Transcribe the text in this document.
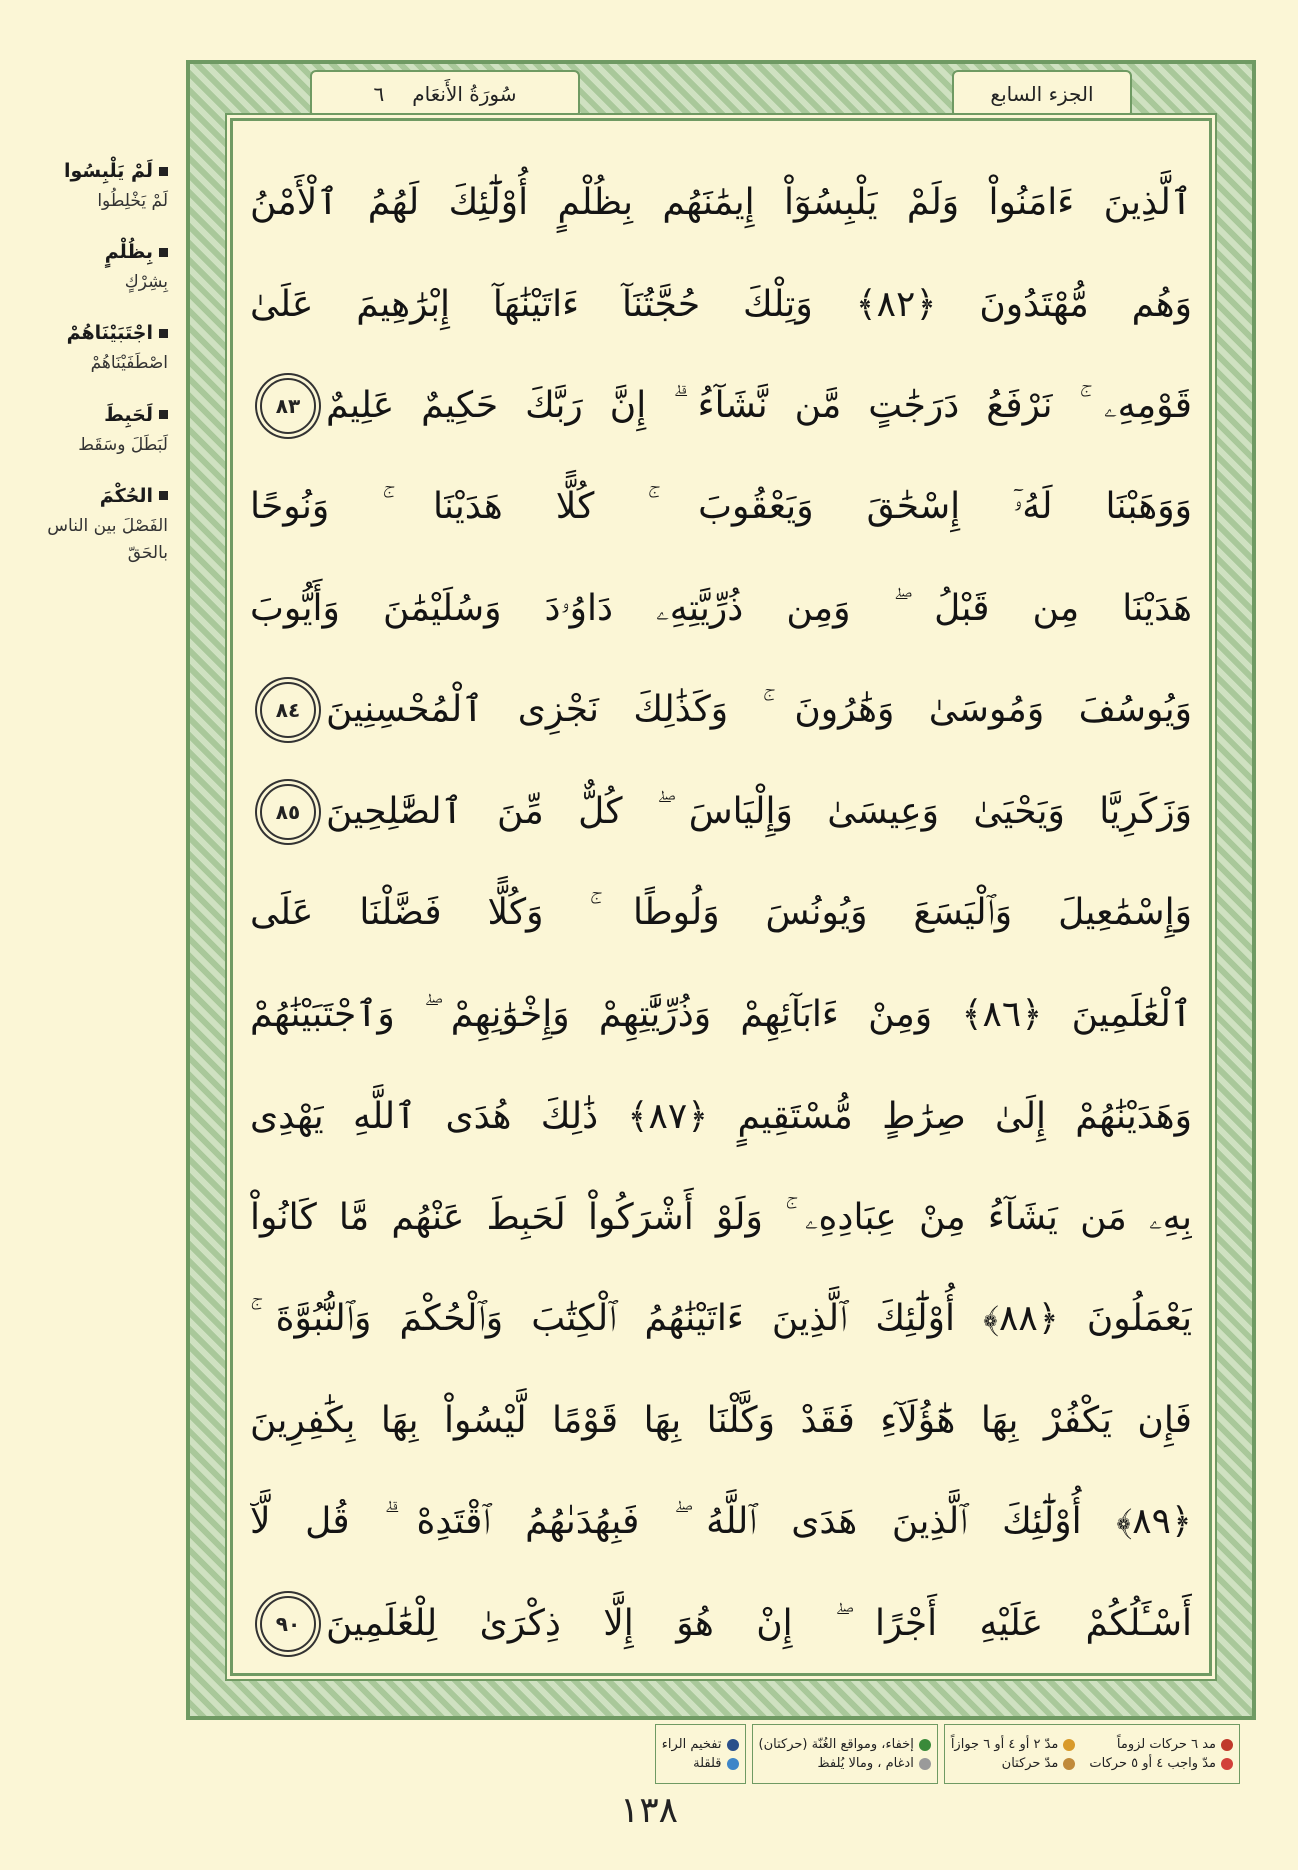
لَمْ يَلْبِسُوا
لَمْ يَخْلِطُوا
بِظُلْمٍ
بِشِرْكٍ
اجْتَبَيْنَاهُمْ
اصْطَفَيْنَاهُمْ
لَحَبِطَ
لَبَطَلَ وسَقَط
الحُكْمَ
الفَصْلَ بين الناس بالحَقّ
سُورَةُ الأَنعَام
٦	الجزء السابع
ٱلَّذِينَ ءَامَنُواْ وَلَمْ يَلْبِسُوٓاْ إِيمَٰنَهُم بِظُلْمٍ أُوْلَٰٓئِكَ لَهُمُ ٱلْأَمْنُ
وَهُم مُّهْتَدُونَ ﴿٨٢﴾ وَتِلْكَ حُجَّتُنَآ ءَاتَيْنَٰهَآ إِبْرَٰهِيمَ عَلَىٰ
قَوْمِهِۦ ۚ نَرْفَعُ دَرَجَٰتٍ مَّن نَّشَآءُ ۗ إِنَّ رَبَّكَ حَكِيمٌ عَلِيمٌ
٨٣
وَوَهَبْنَا لَهُۥٓ إِسْحَٰقَ وَيَعْقُوبَ ۚ كُلًّا هَدَيْنَا ۚ وَنُوحًا
هَدَيْنَا مِن قَبْلُ ۖ وَمِن ذُرِّيَّتِهِۦ دَاوُۥدَ وَسُلَيْمَٰنَ وَأَيُّوبَ
وَيُوسُفَ وَمُوسَىٰ وَهَٰرُونَ ۚ وَكَذَٰلِكَ نَجْزِى ٱلْمُحْسِنِينَ
٨٤
وَزَكَرِيَّا وَيَحْيَىٰ وَعِيسَىٰ وَإِلْيَاسَ ۖ كُلٌّ مِّنَ ٱلصَّٰلِحِينَ
٨٥
وَإِسْمَٰعِيلَ وَٱلْيَسَعَ وَيُونُسَ وَلُوطًا ۚ وَكُلًّا فَضَّلْنَا عَلَى
ٱلْعَٰلَمِينَ ﴿٨٦﴾ وَمِنْ ءَابَآئِهِمْ وَذُرِّيَّٰتِهِمْ وَإِخْوَٰنِهِمْ ۖ وَٱجْتَبَيْنَٰهُمْ
وَهَدَيْنَٰهُمْ إِلَىٰ صِرَٰطٍ مُّسْتَقِيمٍ ﴿٨٧﴾ ذَٰلِكَ هُدَى ٱللَّهِ يَهْدِى
بِهِۦ مَن يَشَآءُ مِنْ عِبَادِهِۦ ۚ وَلَوْ أَشْرَكُواْ لَحَبِطَ عَنْهُم مَّا كَانُواْ
يَعْمَلُونَ ﴿٨٨﴾ أُوْلَٰٓئِكَ ٱلَّذِينَ ءَاتَيْنَٰهُمُ ٱلْكِتَٰبَ وَٱلْحُكْمَ وَٱلنُّبُوَّةَ ۚ
فَإِن يَكْفُرْ بِهَا هَٰٓؤُلَآءِ فَقَدْ وَكَّلْنَا بِهَا قَوْمًا لَّيْسُواْ بِهَا بِكَٰفِرِينَ
﴿٨٩﴾ أُوْلَٰٓئِكَ ٱلَّذِينَ هَدَى ٱللَّهُ ۖ فَبِهُدَىٰهُمُ ٱقْتَدِهْ ۗ قُل لَّآ
أَسْـَٔلُكُمْ عَلَيْهِ أَجْرًا ۖ إِنْ هُوَ إِلَّا ذِكْرَىٰ لِلْعَٰلَمِينَ
٩٠
مد ٦ حركات لزوماً
مدّ ٢ أو ٤ أو ٦ جوازاً
مدّ واجب ٤ أو ٥ حركات
مدّ حركتان
إخفاء، ومواقع الغُنّة (حركتان)
ادغام ، ومالا يُلفظ
تفخيم الراء
قلقلة
١٣٨
